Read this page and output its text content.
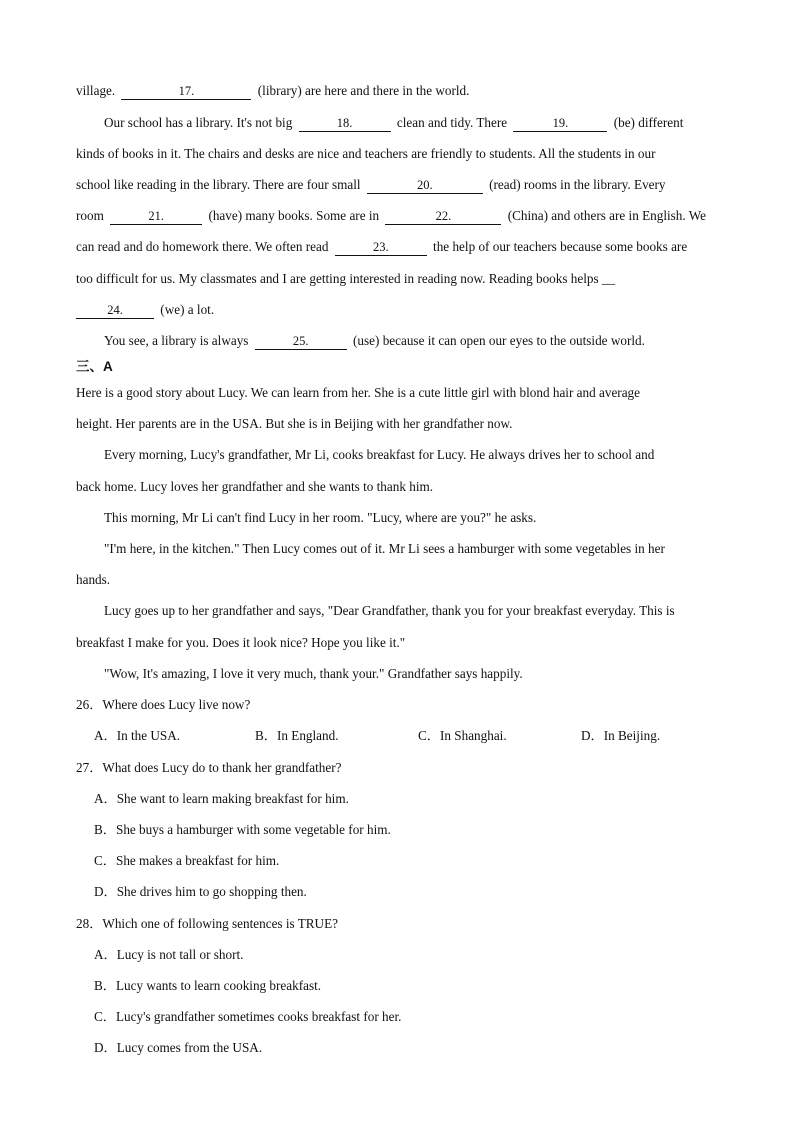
village.	17.	(library) are here and there in the world.
Our school has a library. It's not big	18.	clean and tidy. There	19.	(be) different
kinds of books in it. The chairs and desks are nice and teachers are friendly to students. All the students in our
school like reading in the library. There are four small	20.	(read) rooms in the library. Every
room	21.	(have) many books. Some are in	22.	(China) and others are in English. We
can read and do homework there. We often read	23.	the help of our teachers because some books are
too difficult for us. My classmates and I are getting interested in reading now. Reading books helps __
24.	(we) a lot.
You see, a library is always	25.	(use) because it can open our eyes to the outside world.
三、A
Here is a good story about Lucy. We can learn from her. She is a cute little girl with blond hair and average
height. Her parents are in the USA. But she is in Beijing with her grandfather now.
Every morning, Lucy's grandfather, Mr Li, cooks breakfast for Lucy. He always drives her to school and
back home. Lucy loves her grandfather and she wants to thank him.
This morning, Mr Li can't find Lucy in her room. "Lucy, where are you?" he asks.
"I'm here, in the kitchen." Then Lucy comes out of it. Mr Li sees a hamburger with some vegetables in her
hands.
Lucy goes up to her grandfather and says, "Dear Grandfather, thank you for your breakfast everyday. This is
breakfast I make for you. Does it look nice? Hope you like it."
"Wow, It's amazing, I love it very much, thank your." Grandfather says happily.
26．Where does Lucy live now?
A．In the USA.	B．In England.	C．In Shanghai.	D．In Beijing.
27．What does Lucy do to thank her grandfather?
A．She want to learn making breakfast for him.
B．She buys a hamburger with some vegetable for him.
C．She makes a breakfast for him.
D．She drives him to go shopping then.
28．Which one of following sentences is TRUE?
A．Lucy is not tall or short.
B．Lucy wants to learn cooking breakfast.
C．Lucy's grandfather sometimes cooks breakfast for her.
D．Lucy comes from the USA.
